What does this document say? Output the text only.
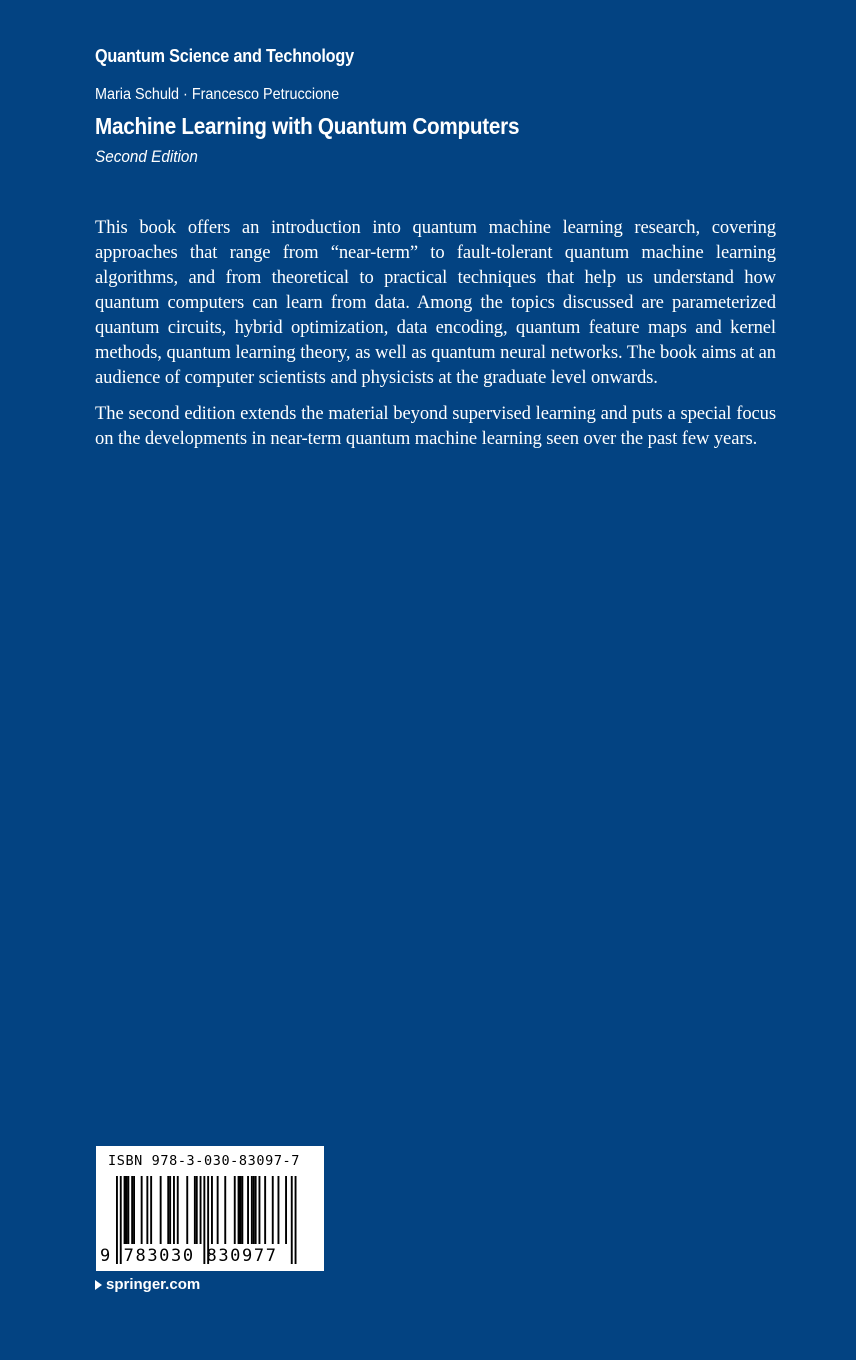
Quantum Science and Technology
Maria Schuld · Francesco Petruccione
Machine Learning with Quantum Computers
Second Edition

This book offers an introduction into quantum machine learning research, covering approaches that range from “near-term” to fault-tolerant quantum machine learning algorithms, and from theoretical to practical techniques that help us understand how quantum computers can learn from data. Among the topics discussed are parameterized quantum circuits, hybrid optimization, data encoding, quantum feature maps and kernel methods, quantum learning theory, as well as quantum neural networks. The book aims at an audience of computer scientists and physicists at the graduate level onwards.

The second edition extends the material beyond supervised learning and puts a special focus on the developments in near-term quantum machine learning seen over the past few years.

ISBN 978-3-030-83097-7
9 783030 830977
springer.com
